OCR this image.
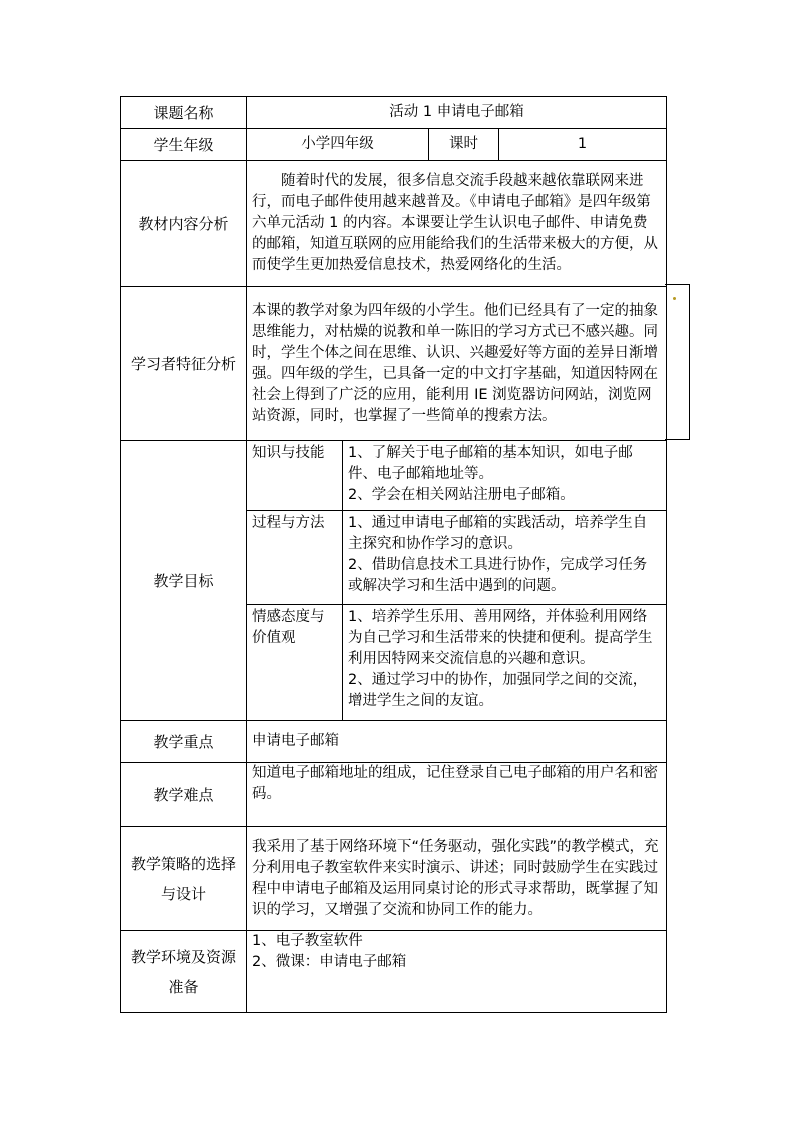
课题名称	活动 1 申请电子邮箱			
学生年级	小学四年级		课时	1
教材内容分析	随着时代的发展，很多信息交流手段越来越依靠联网来进行，而电子邮件使用越来越普及。《申请电子邮箱》是四年级第六单元活动 1 的内容。本课要让学生认识电子邮件、申请免费的邮箱，知道互联网的应用能给我们的生活带来极大的方便，从而使学生更加热爱信息技术，热爱网络化的生活。			
学习者特征分析	本课的教学对象为四年级的小学生。他们已经具有了一定的抽象思维能力，对枯燥的说教和单一陈旧的学习方式已不感兴趣。同时，学生个体之间在思维、认识、兴趣爱好等方面的差异日渐增强。四年级的学生，已具备一定的中文打字基础，知道因特网在社会上得到了广泛的应用，能利用 IE 浏览器访问网站，浏览网站资源，同时，也掌握了一些简单的搜索方法。			
教学目标	知识与技能	1、了解关于电子邮箱的基本知识，如电子邮件、电子邮箱地址等。
2、学会在相关网站注册电子邮箱。		

	过程与方法	1、通过申请电子邮箱的实践活动，培养学生自主探究和协作学习的意识。
2、借助信息技术工具进行协作，完成学习任务或解决学习和生活中遇到的问题。		

	情感态度与价值观	1、培养学生乐用、善用网络，并体验利用网络为自己学习和生活带来的快捷和便利。提高学生利用因特网来交流信息的兴趣和意识。
2、通过学习中的协作，加强同学之间的交流，增进学生之间的友谊。		

教学重点	申请电子邮箱			
教学难点	知道电子邮箱地址的组成，记住登录自己电子邮箱的用户名和密码。			
教学策略的选择与设计	我采用了基于网络环境下“任务驱动，强化实践”的教学模式，充分利用电子教室软件来实时演示、讲述；同时鼓励学生在实践过程中申请电子邮箱及运用同桌讨论的形式寻求帮助，既掌握了知识的学习，又增强了交流和协同工作的能力。			
教学环境及资源准备	1、电子教室软件
2、微课：申请电子邮箱			
